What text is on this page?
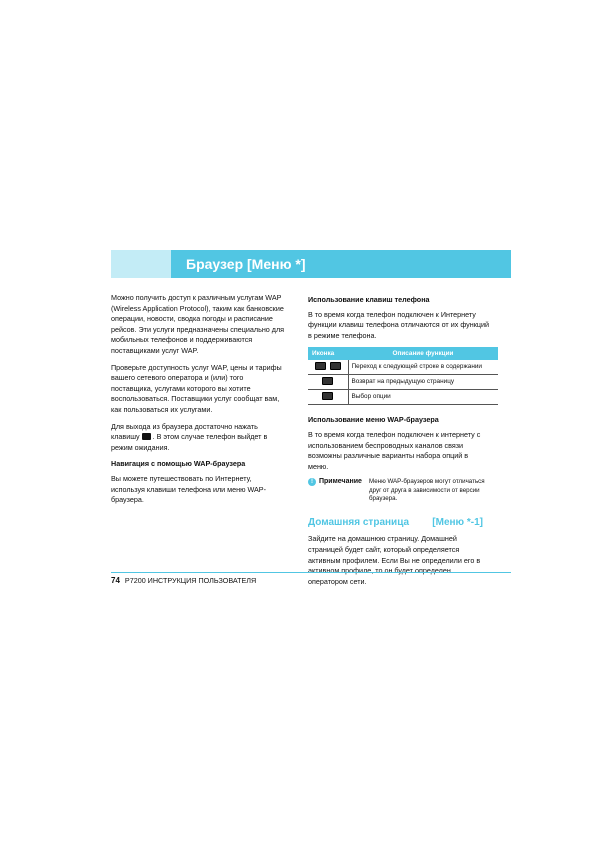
Браузер [Меню *]

Можно получить доступ к различным услугам WAP (Wireless Application Protocol), таким как банковские операции, новости, сводка погоды и расписание рейсов. Эти услуги предназначены специально для мобильных телефонов и поддерживаются поставщиками услуг WAP.

Проверьте доступность услуг WAP, цены и тарифы вашего сетевого оператора и (или) того поставщика, услугами которого вы хотите воспользоваться. Поставщики услуг сообщат вам, как пользоваться их услугами.

Для выхода из браузера достаточно нажать клавишу . В этом случае телефон выйдет в режим ожидания.

Навигация с помощью WAP-браузера

Вы можете путешествовать по Интернету, используя клавиши телефона или меню WAP-браузера.

Использование клавиш телефона

В то время когда телефон подключен к Интернету функции клавиш телефона отличаются от их функций в режиме телефона.

Иконка	Описание функции
	Переход к следующей строке в содержании
	Возврат на предыдущую страницу
	Выбор опции
Использование меню WAP-браузера

В то время когда телефон подключен к интернету с использованием беспроводных каналов связи возможны различные варианты набора опций в меню.

! Примечание	Меню WAP-браузеров могут отличаться друг от друга в зависимости от версии браузера.
Домашняя страница [Меню *-1]

Зайдите на домашнюю страницу. Домашней страницей будет сайт, который определяется активным профилем. Если Вы не определили его в активном профиле, то он будет определен оператором сети.

74 P7200 ИНСТРУКЦИЯ ПОЛЬЗОВАТЕЛЯ
